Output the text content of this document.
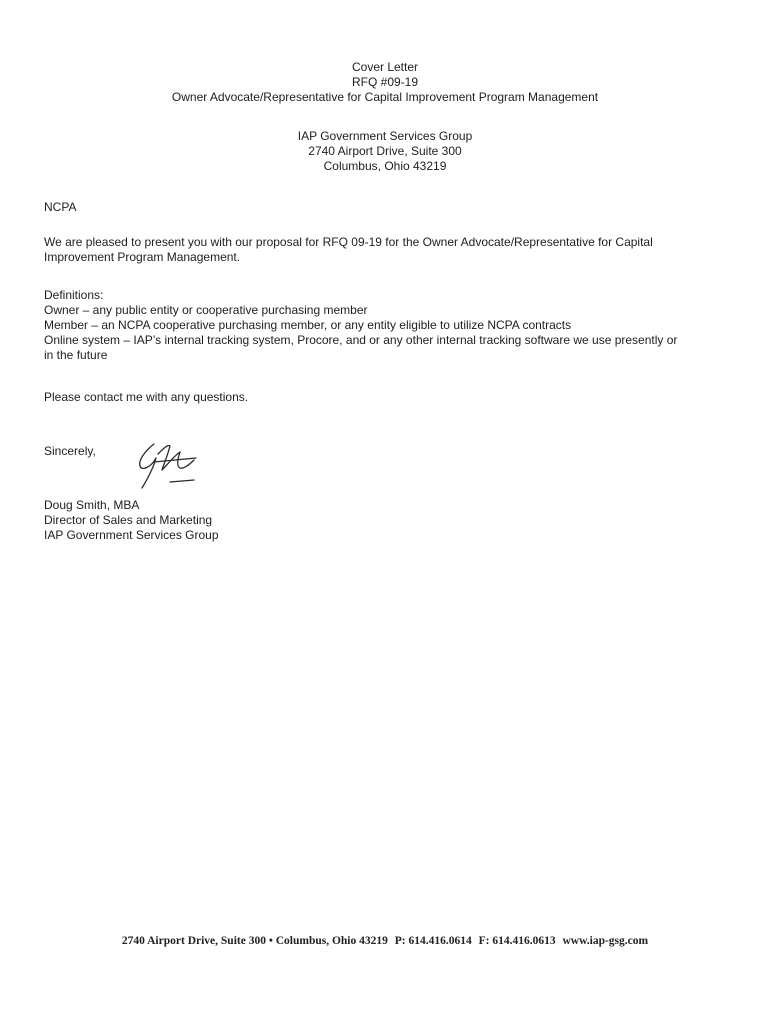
Cover Letter
RFQ #09-19
Owner Advocate/Representative for Capital Improvement Program Management
IAP Government Services Group
2740 Airport Drive, Suite 300
Columbus, Ohio 43219
NCPA
We are pleased to present you with our proposal for RFQ 09-19 for the Owner Advocate/Representative for Capital
Improvement Program Management.
Definitions:
Owner – any public entity or cooperative purchasing member
Member – an NCPA cooperative purchasing member, or any entity eligible to utilize NCPA contracts
Online system – IAP’s internal tracking system, Procore, and or any other internal tracking software we use presently or
in the future
Please contact me with any questions.
Sincerely,
Doug Smith, MBA
Director of Sales and Marketing
IAP Government Services Group
2740 Airport Drive, Suite 300 • Columbus, Ohio 43219 P: 614.416.0614 F: 614.416.0613 www.iap-gsg.com
